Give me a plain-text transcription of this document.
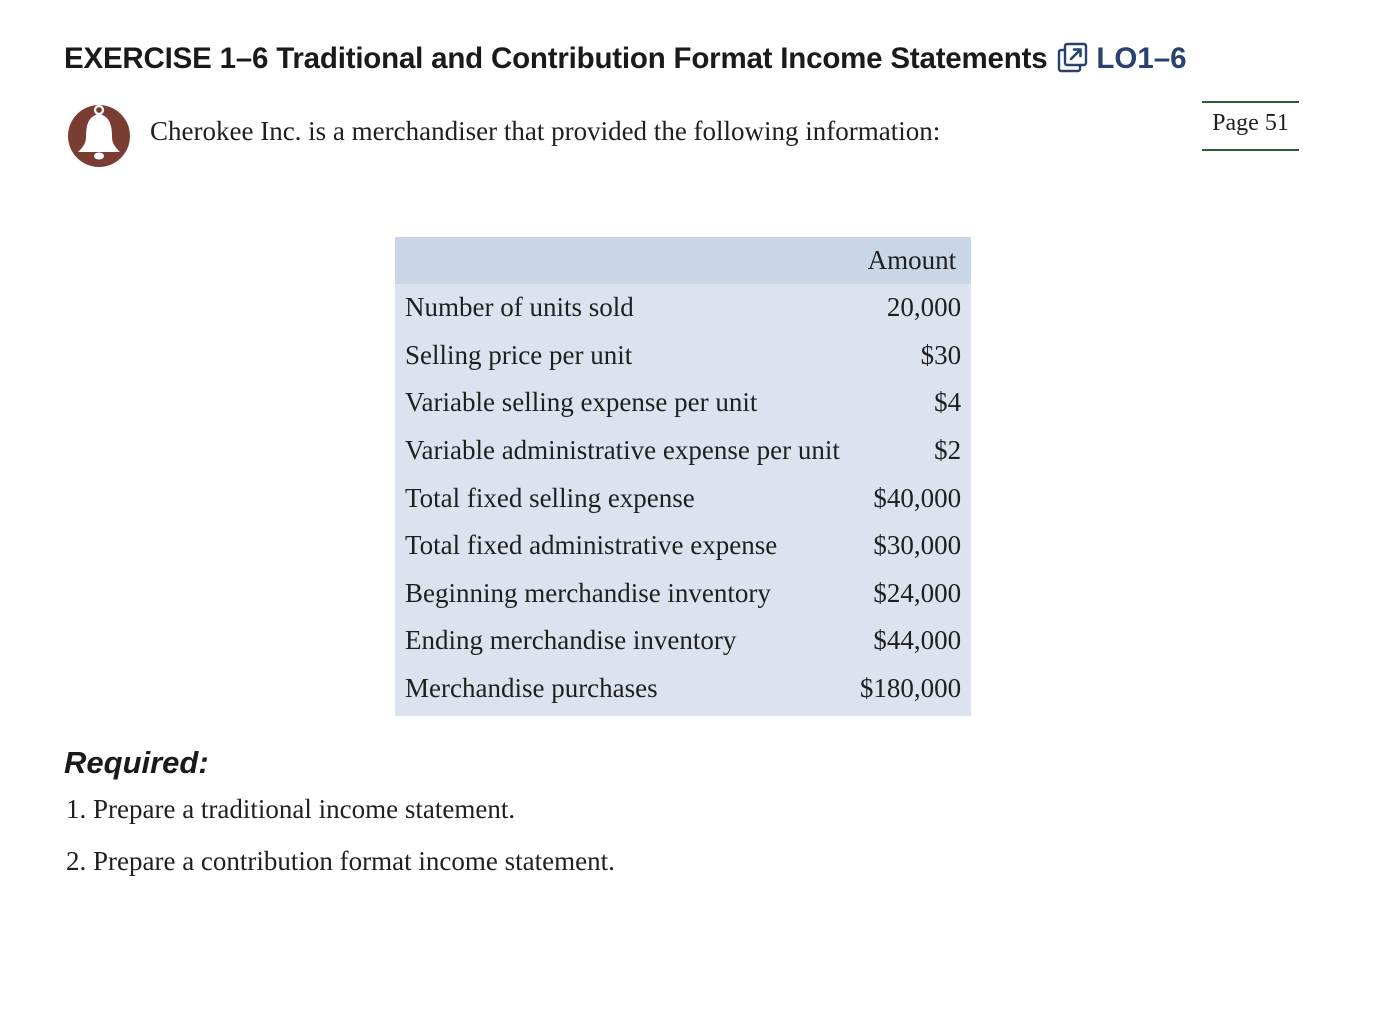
EXERCISE 1–6 Traditional and Contribution Format Income Statements LO1–6
Cherokee Inc. is a merchandiser that provided the following information:	Page 51
	Amount
Number of units sold	20,000
Selling price per unit	$30
Variable selling expense per unit	$4
Variable administrative expense per unit	$2
Total fixed selling expense	$40,000
Total fixed administrative expense	$30,000
Beginning merchandise inventory	$24,000
Ending merchandise inventory	$44,000
Merchandise purchases	$180,000
Required:
1. Prepare a traditional income statement.
2. Prepare a contribution format income statement.
